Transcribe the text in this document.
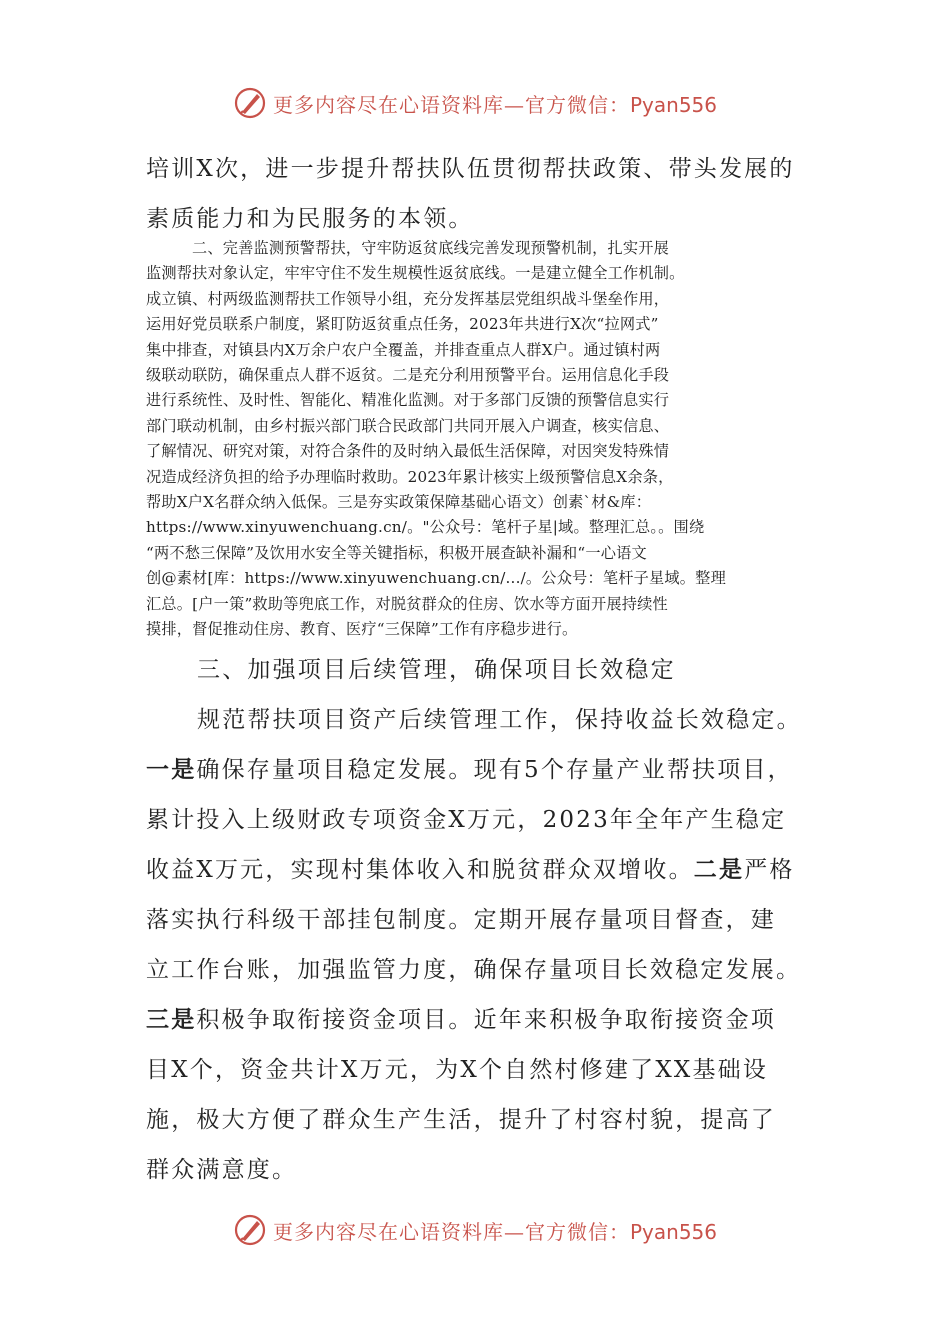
更多内容尽在心语资料库—官方微信：Pyan556
培训X次，进一步提升帮扶队伍贯彻帮扶政策、带头发展的
素质能力和为民服务的本领。

二、完善监测预警帮扶，守牢防返贫底线完善发现预警机制，扎实开展

监测帮扶对象认定，牢牢守住不发生规模性返贫底线。一是建立健全工作机制。

成立镇、村两级监测帮扶工作领导小组，充分发挥基层党组织战斗堡垒作用，

运用好党员联系户制度，紧盯防返贫重点任务，2023年共进行X次“拉网式”

集中排查，对镇县内X万余户农户全覆盖，并排查重点人群X户。通过镇村两

级联动联防，确保重点人群不返贫。二是充分利用预警平台。运用信息化手段

进行系统性、及时性、智能化、精准化监测。对于多部门反馈的预警信息实行

部门联动机制，由乡村振兴部门联合民政部门共同开展入户调查，核实信息、

了解情况、研究对策，对符合条件的及时纳入最低生活保障，对因突发特殊情

况造成经济负担的给予办理临时救助。2023年累计核实上级预警信息X余条，

帮助X户X名群众纳入低保。三是夯实政策保障基础心语文）创素`材&库：

https://www.xinyuwenchuang.cn/。"公众号：笔杆子星|域。整理汇总。。围绕

“两不愁三保障”及饮用水安全等关键指标，积极开展查缺补漏和“一心语文

创@素材[库：https://www.xinyuwenchuang.cn/.../。公众号：笔杆子星域。整理

汇总。[户一策”救助等兜底工作，对脱贫群众的住房、饮水等方面开展持续性

摸排，督促推动住房、教育、医疗“三保障”工作有序稳步进行。

三、加强项目后续管理，确保项目长效稳定
规范帮扶项目资产后续管理工作，保持收益长效稳定。
一是确保存量项目稳定发展。现有5个存量产业帮扶项目，
累计投入上级财政专项资金X万元，2023年全年产生稳定
收益X万元，实现村集体收入和脱贫群众双增收。二是严格
落实执行科级干部挂包制度。定期开展存量项目督查，建
立工作台账，加强监管力度，确保存量项目长效稳定发展。
三是积极争取衔接资金项目。近年来积极争取衔接资金项
目X个，资金共计X万元，为X个自然村修建了XX基础设
施，极大方便了群众生产生活，提升了村容村貌，提高了
群众满意度。
更多内容尽在心语资料库—官方微信：Pyan556
